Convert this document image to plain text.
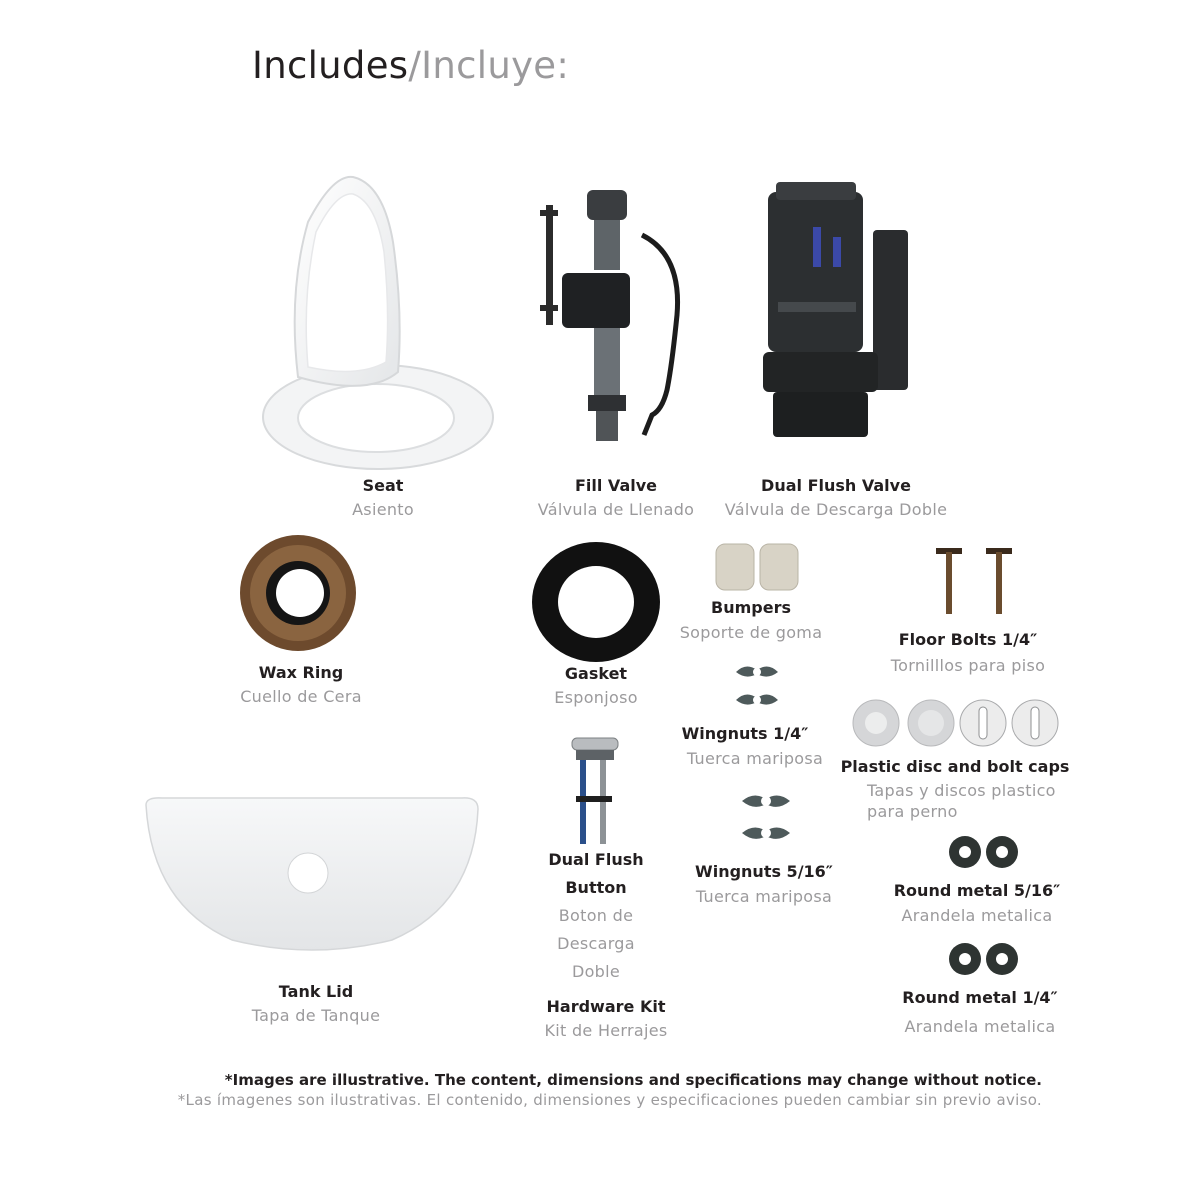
Includes/Incluye:
Seat
Asiento
Fill Valve
Válvula de Llenado
Dual Flush Valve
Válvula de Descarga Doble
Wax Ring
Cuello de Cera
Gasket
Esponjoso
Bumpers
Soporte de goma	Floor Bolts 1/4″
Tornilllos para piso
Wingnuts 1/4″
Tuerca mariposa Plastic disc and bolt caps
Tapas y discos plastico
para perno
Dual Flush
Button
Boton de
Descarga
Doble
Wingnuts 5/16″
Tuerca mariposa	Round metal 5/16″
Arandela metalica
Round metal 1/4″
Arandela metalica
Tank Lid
Tapa de Tanque	Hardware Kit
Kit de Herrajes
*Images are illustrative. The content, dimensions and specifications may change without notice.
*Las ímagenes son ilustrativas. El contenido, dimensiones y especificaciones pueden cambiar sin previo aviso.
